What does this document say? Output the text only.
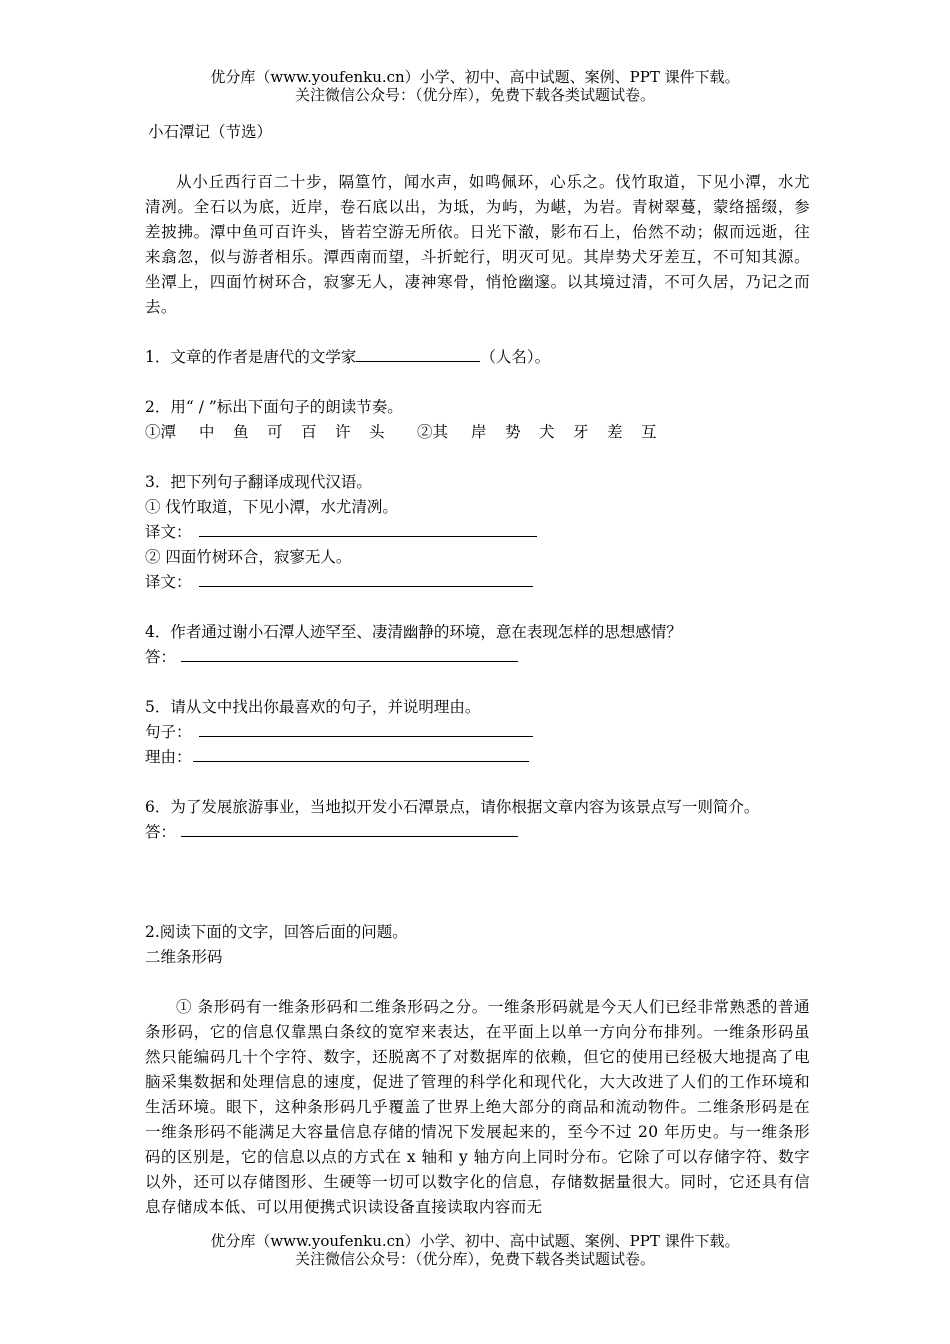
优分库（www.youfenku.cn）小学、初中、高中试题、案例、PPT 课件下载。
关注微信公众号：（优分库），免费下载各类试题试卷。
小石潭记（节选）

从小丘西行百二十步，隔篁竹，闻水声，如鸣佩环，心乐之。伐竹取道，下见小潭，水尤清冽。全石以为底，近岸，卷石底以出，为坻，为屿，为嵁，为岩。青树翠蔓，蒙络摇缀，参差披拂。潭中鱼可百许头，皆若空游无所依。日光下澈，影布石上，佁然不动；俶而远逝，往来翕忽，似与游者相乐。潭西南而望，斗折蛇行，明灭可见。其岸势犬牙差互，不可知其源。坐潭上，四面竹树环合，寂寥无人，凄神寒骨，悄怆幽邃。以其境过清，不可久居，乃记之而去。

1．文章的作者是唐代的文学家	（人名）。
2．用“ / ”标出下面句子的朗读节奏。
①潭 中 鱼 可 百 许 头 ②其 岸 势 犬 牙 差 互
3．把下列句子翻译成现代汉语。
① 伐竹取道，下见小潭，水尤清冽。
译文：
② 四面竹树环合，寂寥无人。
译文：
4．作者通过谢小石潭人迹罕至、凄清幽静的环境，意在表现怎样的思想感情？
答：
5．请从文中找出你最喜欢的句子，并说明理由。
句子：
理由：
6．为了发展旅游事业，当地拟开发小石潭景点，请你根据文章内容为该景点写一则简介。
答：
2.阅读下面的文字，回答后面的问题。
二维条形码

① 条形码有一维条形码和二维条形码之分。一维条形码就是今天人们已经非常熟悉的普通条形码，它的信息仅靠黑白条纹的宽窄来表达，在平面上以单一方向分布排列。一维条形码虽然只能编码几十个字符、数字，还脱离不了对数据库的依赖，但它的使用已经极大地提高了电脑采集数据和处理信息的速度，促进了管理的科学化和现代化，大大改进了人们的工作环境和生活环境。眼下，这种条形码几乎覆盖了世界上绝大部分的商品和流动物件。二维条形码是在一维条形码不能满足大容量信息存储的情况下发展起来的，至今不过 20 年历史。与一维条形码的区别是，它的信息以点的方式在 x 轴和 y 轴方向上同时分布。它除了可以存储字符、数字以外，还可以存储图形、生硬等一切可以数字化的信息，存储数据量很大。同时，它还具有信息存储成本低、可以用便携式识读设备直接读取内容而无

优分库（www.youfenku.cn）小学、初中、高中试题、案例、PPT 课件下载。
关注微信公众号：（优分库），免费下载各类试题试卷。
